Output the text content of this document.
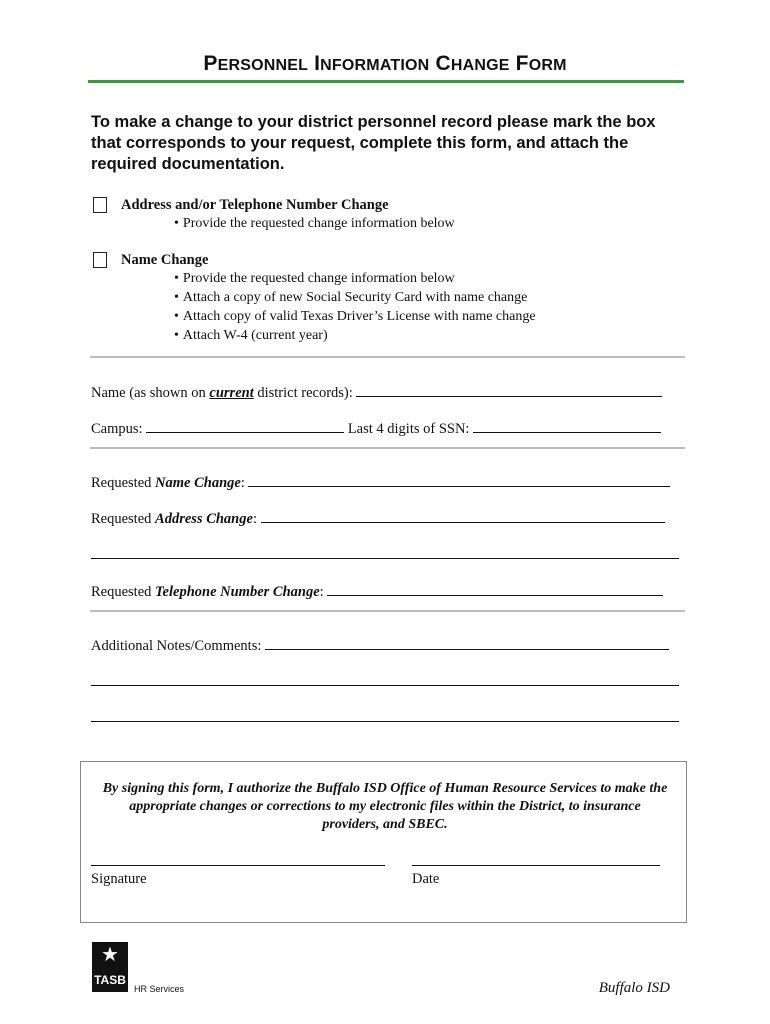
PERSONNEL INFORMATION CHANGE FORM
To make a change to your district personnel record please mark the box that corresponds to your request, complete this form, and attach the required documentation.
Address and/or Telephone Number Change
• Provide the requested change information below
Name Change
• Provide the requested change information below
• Attach a copy of new Social Security Card with name change
• Attach copy of valid Texas Driver’s License with name change
• Attach W-4 (current year)
Name (as shown on current district records):
Campus:	Last 4 digits of SSN:
Requested Name Change:
Requested Address Change:
Requested Telephone Number Change:
Additional Notes/Comments:
By signing this form, I authorize the Buffalo ISD Office of Human Resource Services to make the appropriate changes or corrections to my electronic files within the District, to insurance providers, and SBEC.
Signature	Date
★
TASB
HR Services	Buffalo ISD
